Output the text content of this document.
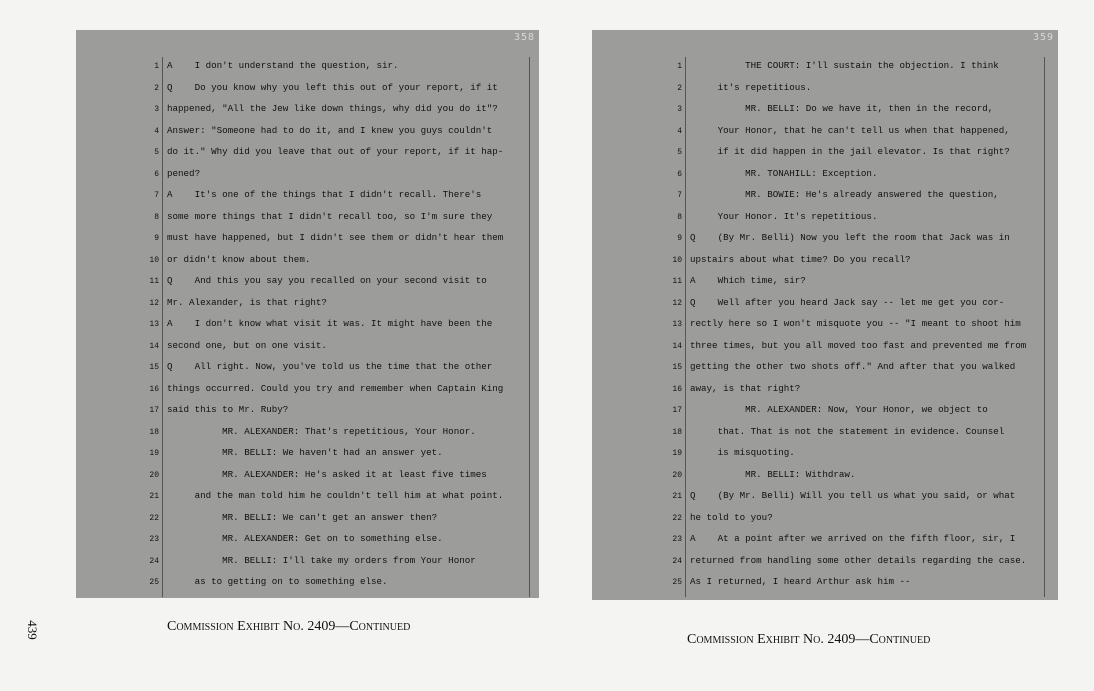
358
1 A    I don't understand the question, sir.
2 Q    Do you know why you left this out of your report, if it
3 happened, "All the Jew like down things, why did you do it"?
4 Answer: "Someone had to do it, and I knew you guys couldn't
5 do it." Why did you leave that out of your report, if it hap-
6 pened?
7 A    It's one of the things that I didn't recall. There's
8 some more things that I didn't recall too, so I'm sure they
9 must have happened, but I didn't see them or didn't hear them
10 or didn't know about them.
11 Q    And this you say you recalled on your second visit to
12 Mr. Alexander, is that right?
13 A    I don't know what visit it was. It might have been the
14 second one, but on one visit.
15 Q    All right. Now, you've told us the time that the other
16 things occurred. Could you try and remember when Captain King
17 said this to Mr. Ruby?
18 MR. ALEXANDER: That's repetitious, Your Honor.
19 MR. BELLI: We haven't had an answer yet.
20 MR. ALEXANDER: He's asked it at least five times
21 and the man told him he couldn't tell him at what point.
22 MR. BELLI: We can't get an answer then?
23 MR. ALEXANDER: Get on to something else.
24 MR. BELLI: I'll take my orders from Your Honor
25 as to getting on to something else.
359
1 THE COURT: I'll sustain the objection. I think
2 it's repetitious.
3 MR. BELLI: Do we have it, then in the record,
4 Your Honor, that he can't tell us when that happened,
5 if it did happen in the jail elevator. Is that right?
6 MR. TONAHILL: Exception.
7 MR. BOWIE: He's already answered the question,
8 Your Honor. It's repetitious.
9 Q    (By Mr. Belli) Now you left the room that Jack was in
10 upstairs about what time? Do you recall?
11 A    Which time, sir?
12 Q    Well after you heard Jack say -- let me get you cor-
13 rectly here so I won't misquote you -- "I meant to shoot him
14 three times, but you all moved too fast and prevented me from
15 getting the other two shots off." And after that you walked
16 away, is that right?
17 MR. ALEXANDER: Now, Your Honor, we object to
18 that. That is not the statement in evidence. Counsel
19 is misquoting.
20 MR. BELLI: Withdraw.
21 Q    (By Mr. Belli) Will you tell us what you said, or what
22 he told to you?
23 A    At a point after we arrived on the fifth floor, sir, I
24 returned from handling some other details regarding the case.
25 As I returned, I heard Arthur ask him --
Commission Exhibit No. 2409—Continued
Commission Exhibit No. 2409—Continued
439
